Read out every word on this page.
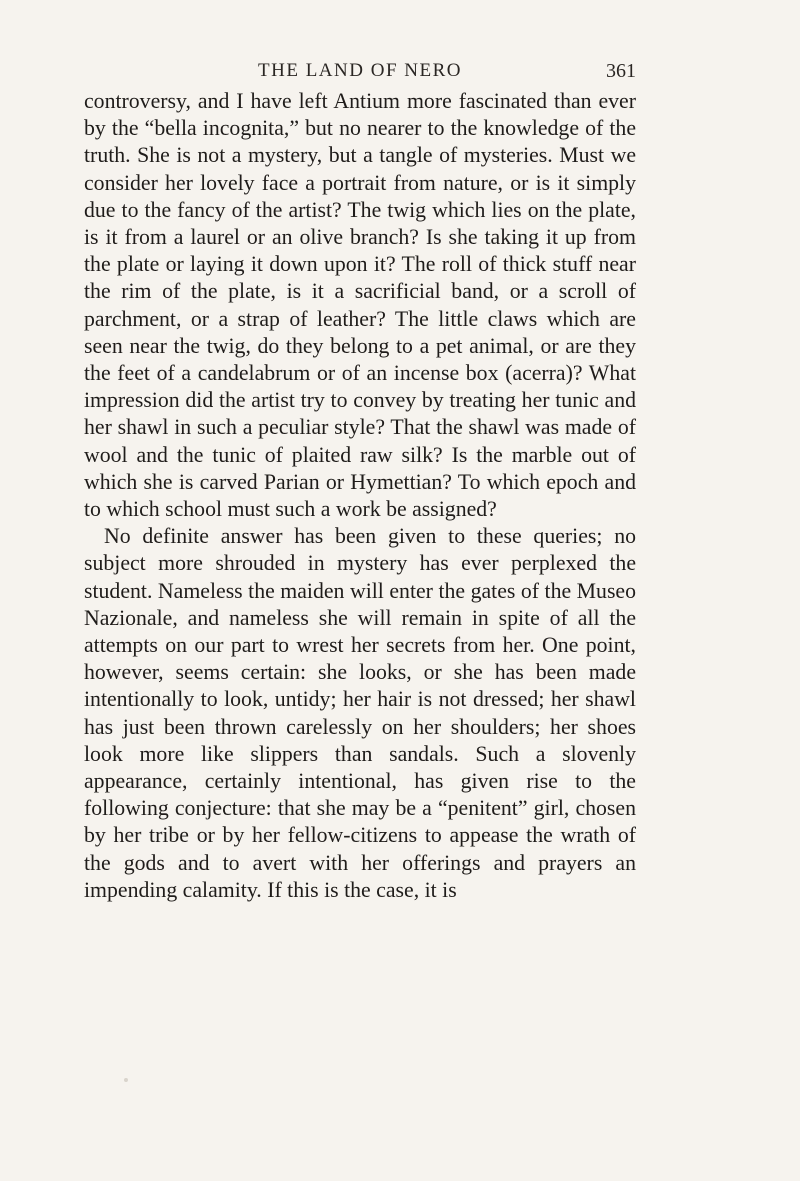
THE LAND OF NERO	361

controversy, and I have left Antium more fascinated than ever by the “bella incognita,” but no nearer to the knowledge of the truth. She is not a mystery, but a tangle of mysteries. Must we consider her lovely face a portrait from nature, or is it simply due to the fancy of the artist? The twig which lies on the plate, is it from a laurel or an olive branch? Is she taking it up from the plate or laying it down upon it? The roll of thick stuff near the rim of the plate, is it a sacrificial band, or a scroll of parchment, or a strap of leather? The little claws which are seen near the twig, do they belong to a pet animal, or are they the feet of a candelabrum or of an incense box (acerra)? What impression did the artist try to convey by treating her tunic and her shawl in such a peculiar style? That the shawl was made of wool and the tunic of plaited raw silk? Is the marble out of which she is carved Parian or Hymettian? To which epoch and to which school must such a work be assigned?

No definite answer has been given to these queries; no subject more shrouded in mystery has ever perplexed the student. Nameless the maiden will enter the gates of the Museo Nazionale, and nameless she will remain in spite of all the attempts on our part to wrest her secrets from her. One point, however, seems certain: she looks, or she has been made intentionally to look, untidy; her hair is not dressed; her shawl has just been thrown carelessly on her shoulders; her shoes look more like slippers than sandals. Such a slovenly appearance, certainly intentional, has given rise to the following conjecture: that she may be a “penitent” girl, chosen by her tribe or by her fellow-citizens to appease the wrath of the gods and to avert with her offerings and prayers an impending calamity. If this is the case, it is
